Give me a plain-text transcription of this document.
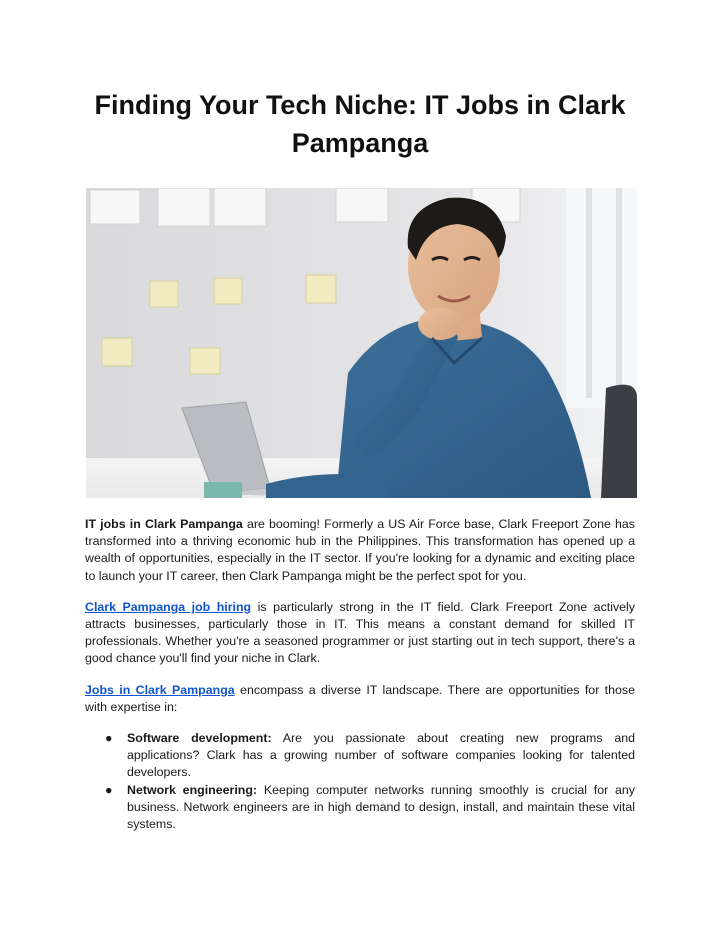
Finding Your Tech Niche: IT Jobs in Clark Pampanga

IT jobs in Clark Pampanga are booming! Formerly a US Air Force base, Clark Freeport Zone has transformed into a thriving economic hub in the Philippines. This transformation has opened up a wealth of opportunities, especially in the IT sector. If you're looking for a dynamic and exciting place to launch your IT career, then Clark Pampanga might be the perfect spot for you.

Clark Pampanga job hiring is particularly strong in the IT field. Clark Freeport Zone actively attracts businesses, particularly those in IT. This means a constant demand for skilled IT professionals. Whether you're a seasoned programmer or just starting out in tech support, there's a good chance you'll find your niche in Clark.

Jobs in Clark Pampanga encompass a diverse IT landscape. There are opportunities for those with expertise in:

● Software development: Are you passionate about creating new programs and applications? Clark has a growing number of software companies looking for talented developers.
● Network engineering: Keeping computer networks running smoothly is crucial for any business. Network engineers are in high demand to design, install, and maintain these vital systems.
